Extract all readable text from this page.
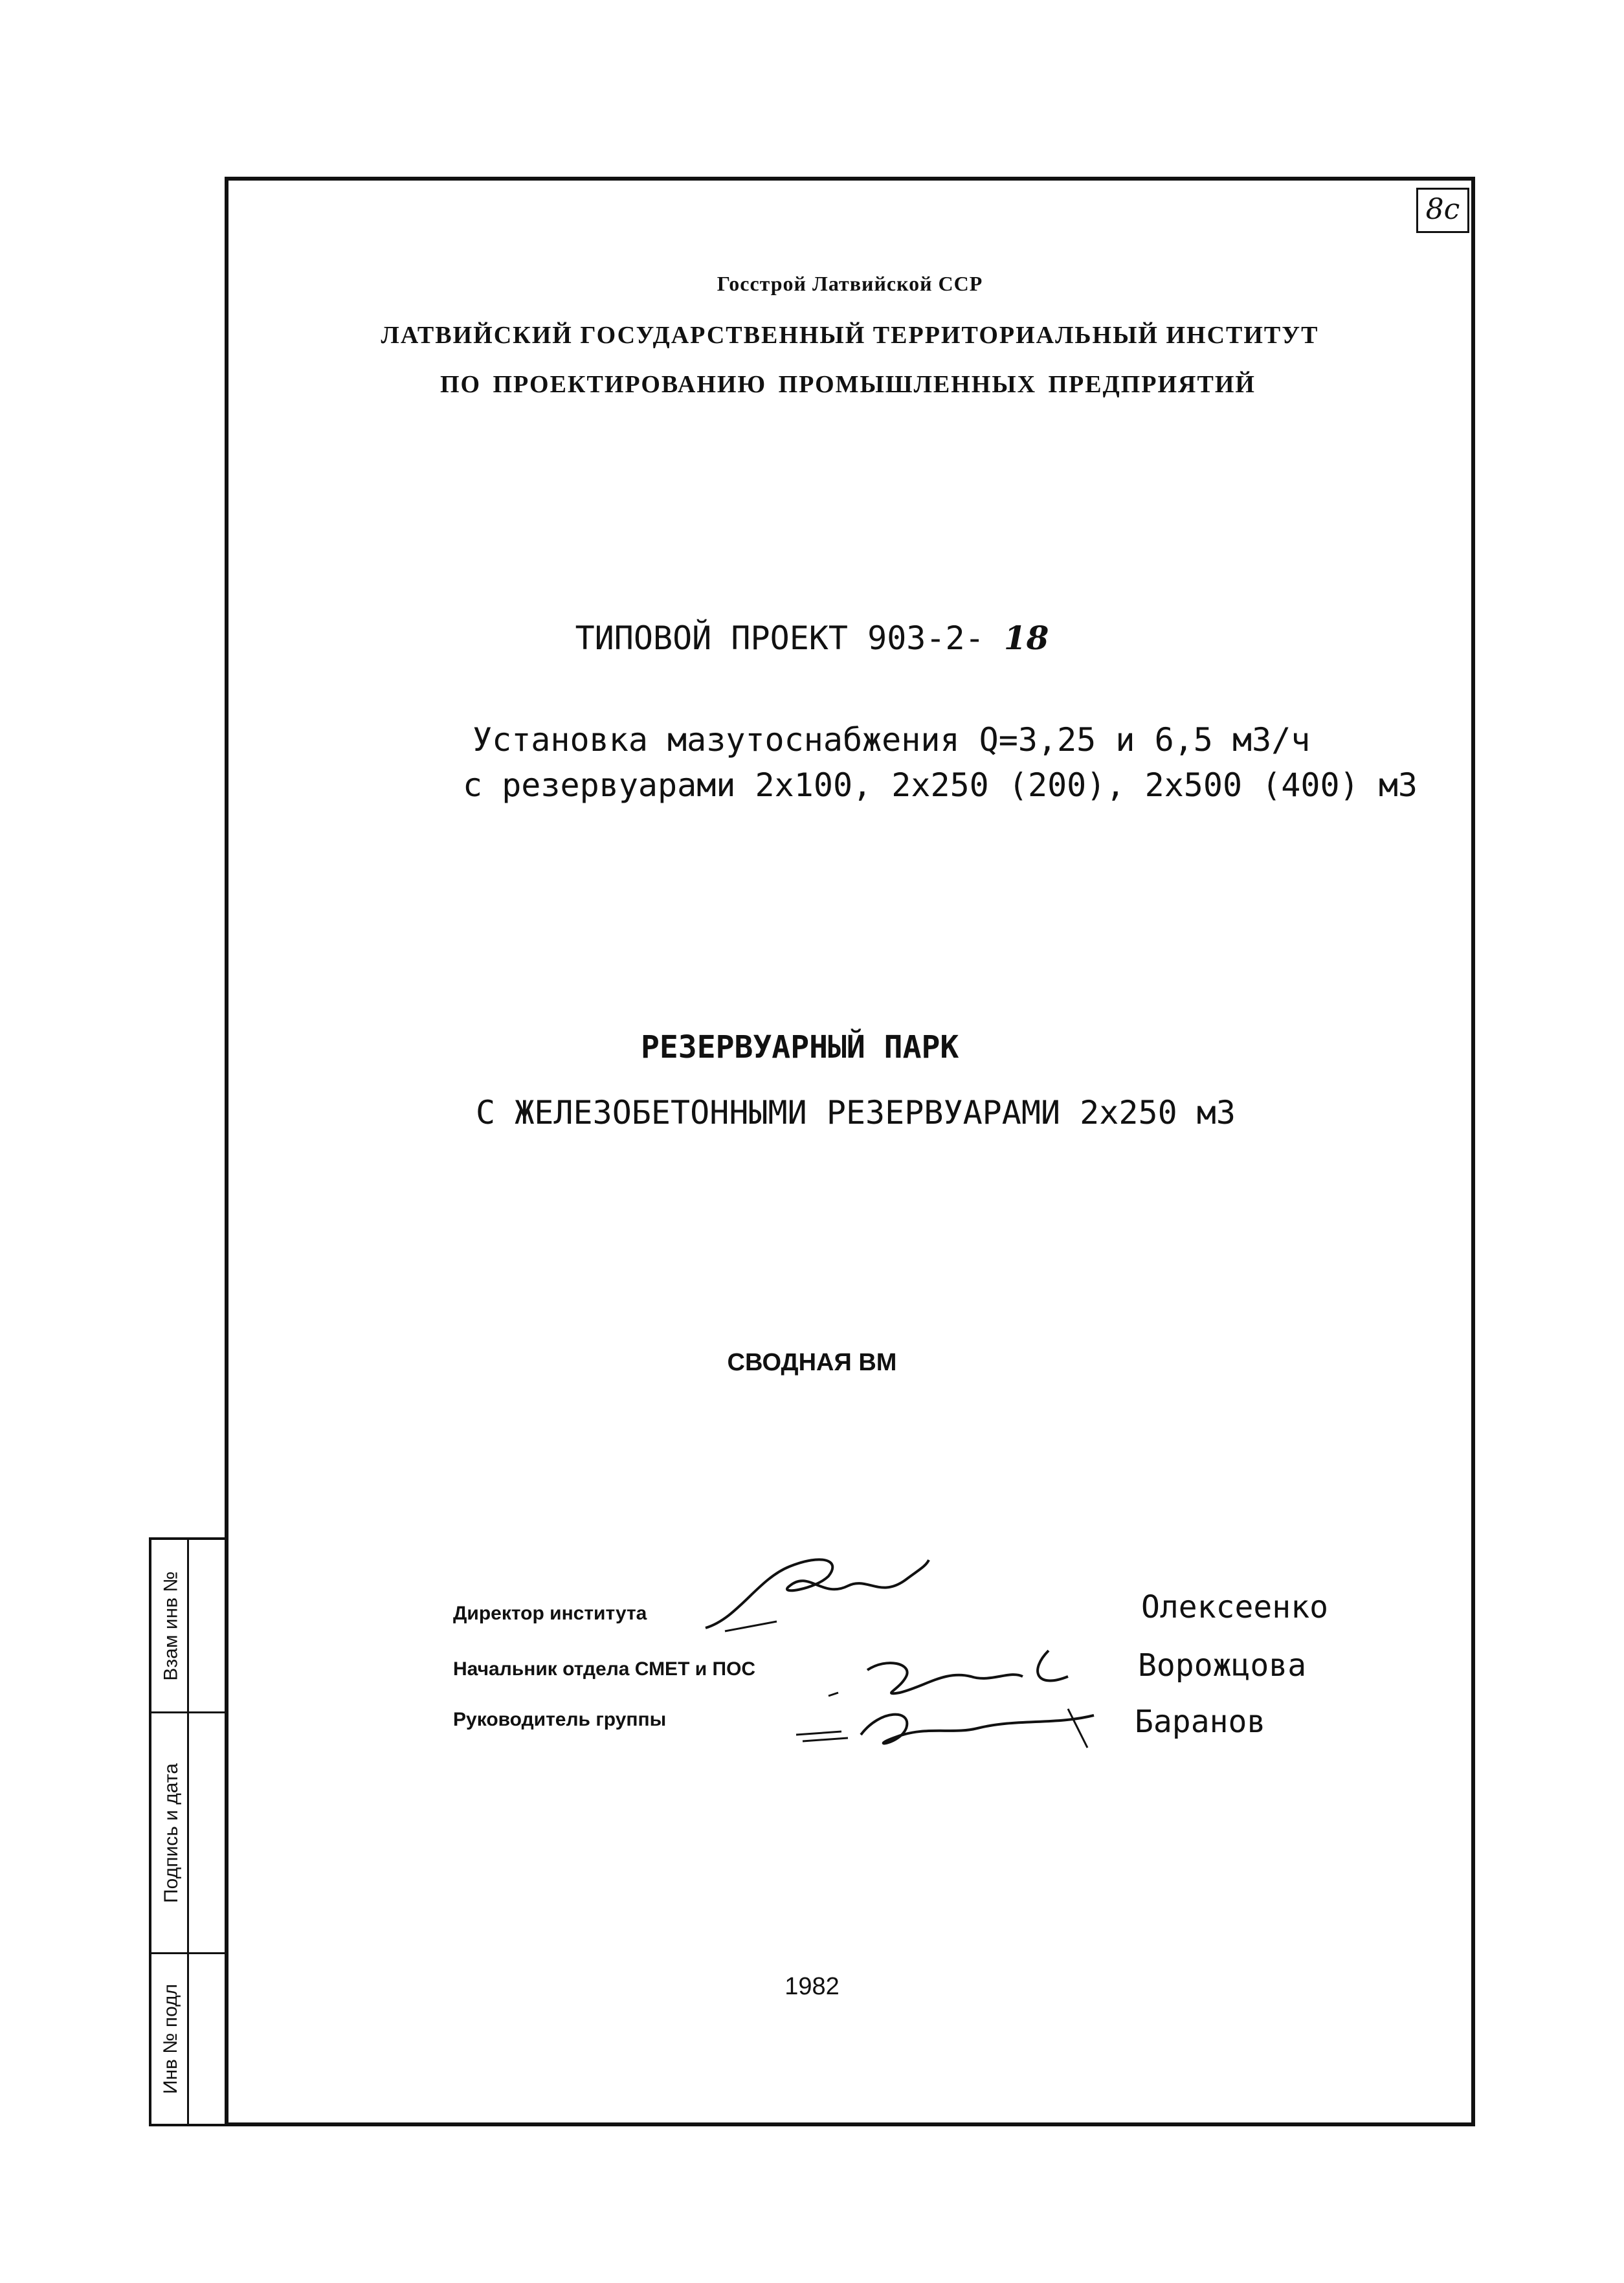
8c
Госстрой Латвийской ССР
ЛАТВИЙСКИЙ ГОСУДАРСТВЕННЫЙ ТЕРРИТОРИАЛЬНЫЙ ИНСТИТУТ
ПО ПРОЕКТИРОВАНИЮ ПРОМЫШЛЕННЫХ ПРЕДПРИЯТИЙ
ТИПОВОЙ ПРОЕКТ 903-2- 18
Установка мазутоснабжения Q=3,25 и 6,5 м3/ч
с резервуарами 2х100, 2х250 (200), 2х500 (400) м3
РЕЗЕРВУАРНЫЙ ПАРК
С ЖЕЛЕЗОБЕТОННЫМИ РЕЗЕРВУАРАМИ 2х250 м3
СВОДНАЯ ВМ
Директор института
Начальник отдела СМЕТ и ПОС
Руководитель группы
Олексеенко
Ворожцова
Баранов
1982
Взам инв №
Подпись и дата
Инв № подл
